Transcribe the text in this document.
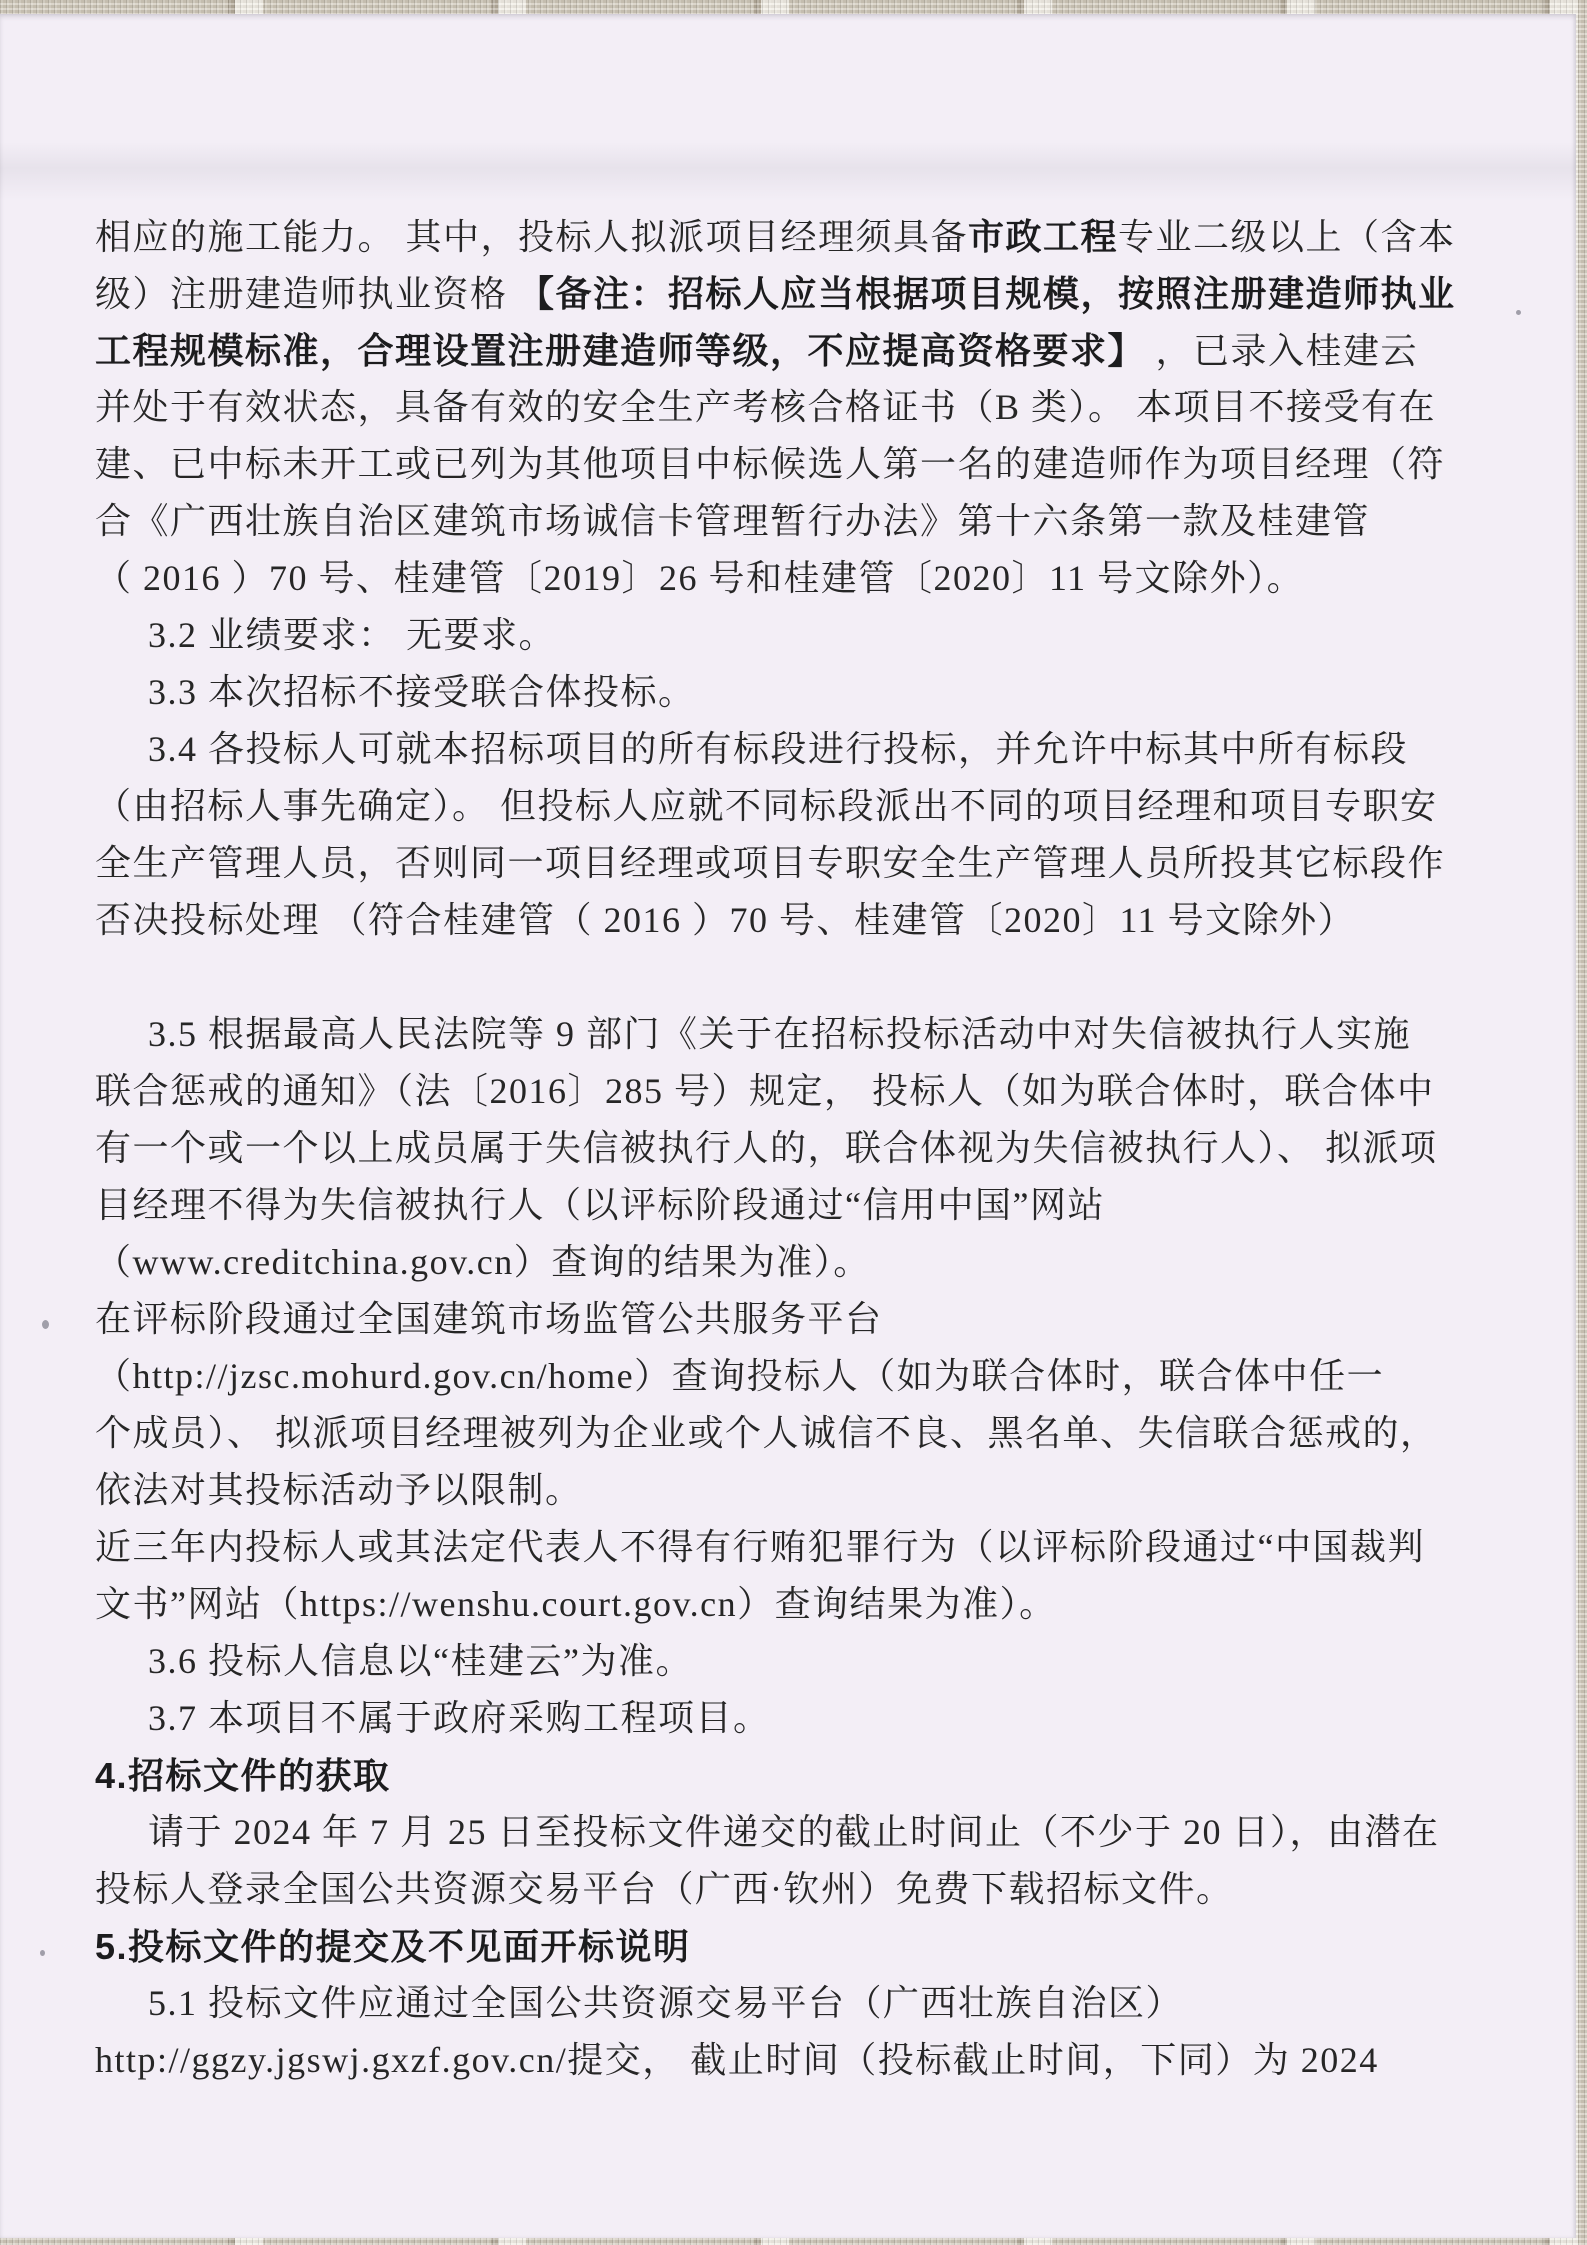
相应的施工能力。 其中，投标人拟派项目经理须具备市政工程专业二级以上（含本
级）注册建造师执业资格 【备注：招标人应当根据项目规模，按照注册建造师执业
工程规模标准，合理设置注册建造师等级，不应提高资格要求】 ，已录入桂建云
并处于有效状态，具备有效的安全生产考核合格证书（B 类）。 本项目不接受有在
建、已中标未开工或已列为其他项目中标候选人第一名的建造师作为项目经理（符
合《广西壮族自治区建筑市场诚信卡管理暂行办法》第十六条第一款及桂建管
（ 2016 ）70 号、桂建管〔2019〕26 号和桂建管〔2020〕11 号文除外）。
3.2 业绩要求： 无要求。
3.3 本次招标不接受联合体投标。
3.4 各投标人可就本招标项目的所有标段进行投标，并允许中标其中所有标段
（由招标人事先确定）。 但投标人应就不同标段派出不同的项目经理和项目专职安
全生产管理人员，否则同一项目经理或项目专职安全生产管理人员所投其它标段作
否决投标处理 （符合桂建管（ 2016 ）70 号、桂建管〔2020〕11 号文除外）
3.5 根据最高人民法院等 9 部门《关于在招标投标活动中对失信被执行人实施
联合惩戒的通知》（法〔2016〕285 号）规定， 投标人（如为联合体时，联合体中
有一个或一个以上成员属于失信被执行人的，联合体视为失信被执行人）、 拟派项
目经理不得为失信被执行人（以评标阶段通过“信用中国”网站
（www.creditchina.gov.cn）查询的结果为准）。
在评标阶段通过全国建筑市场监管公共服务平台
（http://jzsc.mohurd.gov.cn/home）查询投标人（如为联合体时，联合体中任一
个成员）、 拟派项目经理被列为企业或个人诚信不良、黑名单、失信联合惩戒的，
依法对其投标活动予以限制。
近三年内投标人或其法定代表人不得有行贿犯罪行为（以评标阶段通过“中国裁判
文书”网站（https://wenshu.court.gov.cn）查询结果为准）。
3.6 投标人信息以“桂建云”为准。
3.7 本项目不属于政府采购工程项目。
4.招标文件的获取
请于 2024 年 7 月 25 日至投标文件递交的截止时间止（不少于 20 日），由潜在
投标人登录全国公共资源交易平台（广西·钦州）免费下载招标文件。
5.投标文件的提交及不见面开标说明
5.1 投标文件应通过全国公共资源交易平台（广西壮族自治区）
http://ggzy.jgswj.gxzf.gov.cn/提交， 截止时间（投标截止时间，下同）为 2024
